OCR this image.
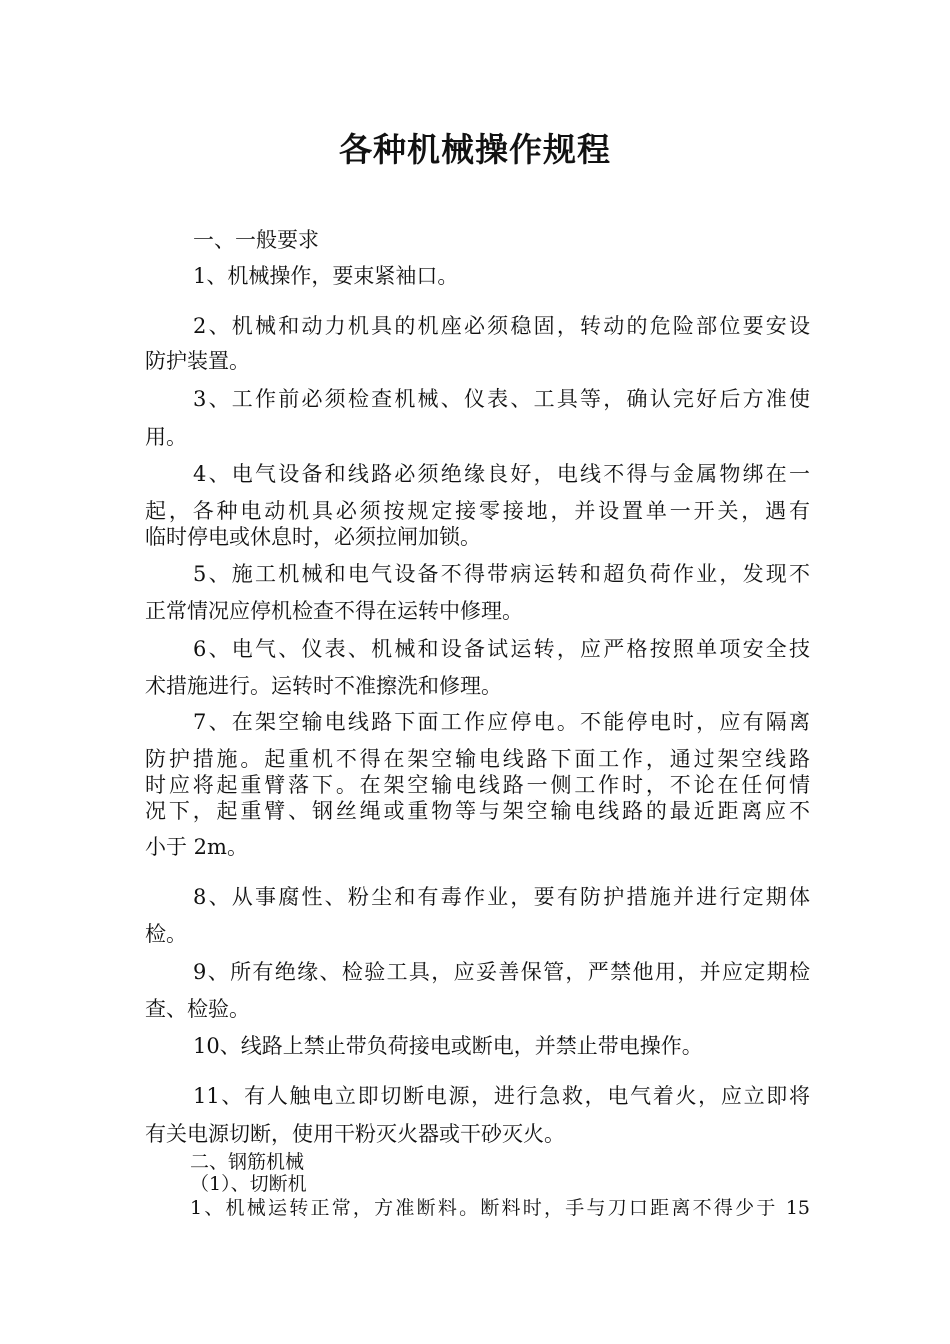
各种机械操作规程
一、一般要求
1、机械操作，要束紧袖口。
2、机械和动力机具的机座必须稳固，转动的危险部位要安设
防护装置。
3、工作前必须检查机械、仪表、工具等，确认完好后方准使
用。
4、电气设备和线路必须绝缘良好，电线不得与金属物绑在一
起，各种电动机具必须按规定接零接地，并设置单一开关，遇有
临时停电或休息时，必须拉闸加锁。
5、施工机械和电气设备不得带病运转和超负荷作业，发现不
正常情况应停机检查不得在运转中修理。
6、电气、仪表、机械和设备试运转，应严格按照单项安全技
术措施进行。运转时不准擦洗和修理。
7、在架空输电线路下面工作应停电。不能停电时，应有隔离
防护措施。起重机不得在架空输电线路下面工作，通过架空线路
时应将起重臂落下。在架空输电线路一侧工作时，不论在任何情
况下，起重臂、钢丝绳或重物等与架空输电线路的最近距离应不
小于 2m。
8、从事腐性、粉尘和有毒作业，要有防护措施并进行定期体
检。
9、所有绝缘、检验工具，应妥善保管，严禁他用，并应定期检
查、检验。
10、线路上禁止带负荷接电或断电，并禁止带电操作。
11、有人触电立即切断电源，进行急救，电气着火，应立即将
有关电源切断，使用干粉灭火器或干砂灭火。
二、钢筋机械
（1）、切断机
1、机械运转正常，方准断料。断料时，手与刀口距离不得少于 15
